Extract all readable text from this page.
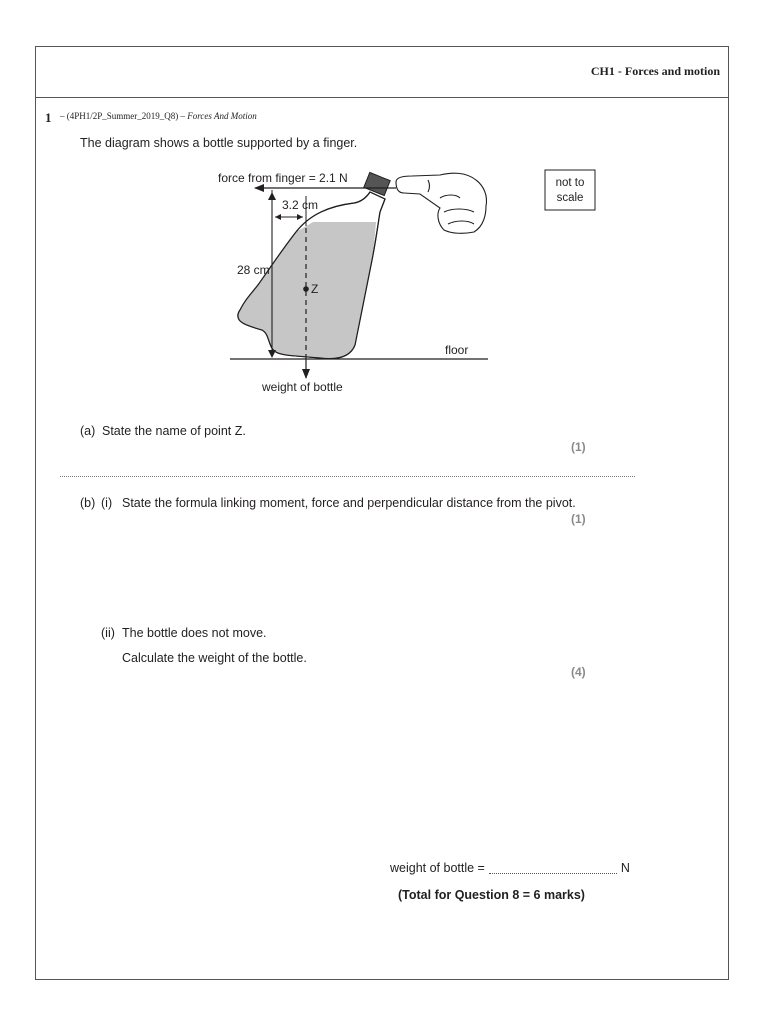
CH1 - Forces and motion
1 – (4PH1/2P_Summer_2019_Q8) – Forces And Motion
The diagram shows a bottle supported by a finger.
force from finger = 2.1 N
3.2 cm
28 cm
Z
floor
weight of bottle
not to
scale
(a) State the name of point Z.
(1)
(b) (i) State the formula linking moment, force and perpendicular distance from the pivot.
(1)
(ii) The bottle does not move.
Calculate the weight of the bottle.
(4)
weight of bottle =	N
(Total for Question 8 = 6 marks)
